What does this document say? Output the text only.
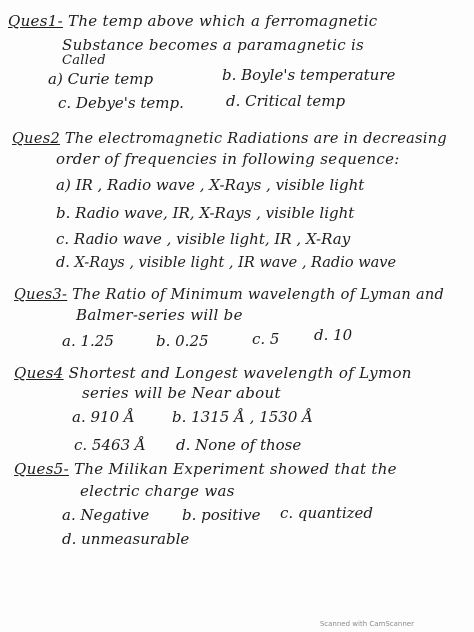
Ques1- The temp above which a ferromagnetic
Substance becomes a paramagnetic is
Called
a) Curie temp	b. Boyle's temperature
c. Debye's temp.	d. Critical temp
Ques2 The electromagnetic Radiations are in decreasing
order of frequencies in following sequence:
a) IR , Radio wave , X-Rays , visible light
b. Radio wave, IR, X-Rays , visible light
c. Radio wave , visible light, IR , X-Ray
d. X-Rays , visible light , IR wave , Radio wave
Ques3- The Ratio of Minimum wavelength of Lyman and
Balmer-series will be
a. 1.25	b. 0.25	c. 5 d. 10
Ques4 Shortest and Longest wavelength of Lymon
series will be Near about
a. 910 Å b. 1315 Å , 1530 Å
c. 5463 Å d. None of those
Ques5- The Milikan Experiment showed that the
electric charge was
a. Negative b. positive c. quantized
d. unmeasurable
Scanned with CamScanner
